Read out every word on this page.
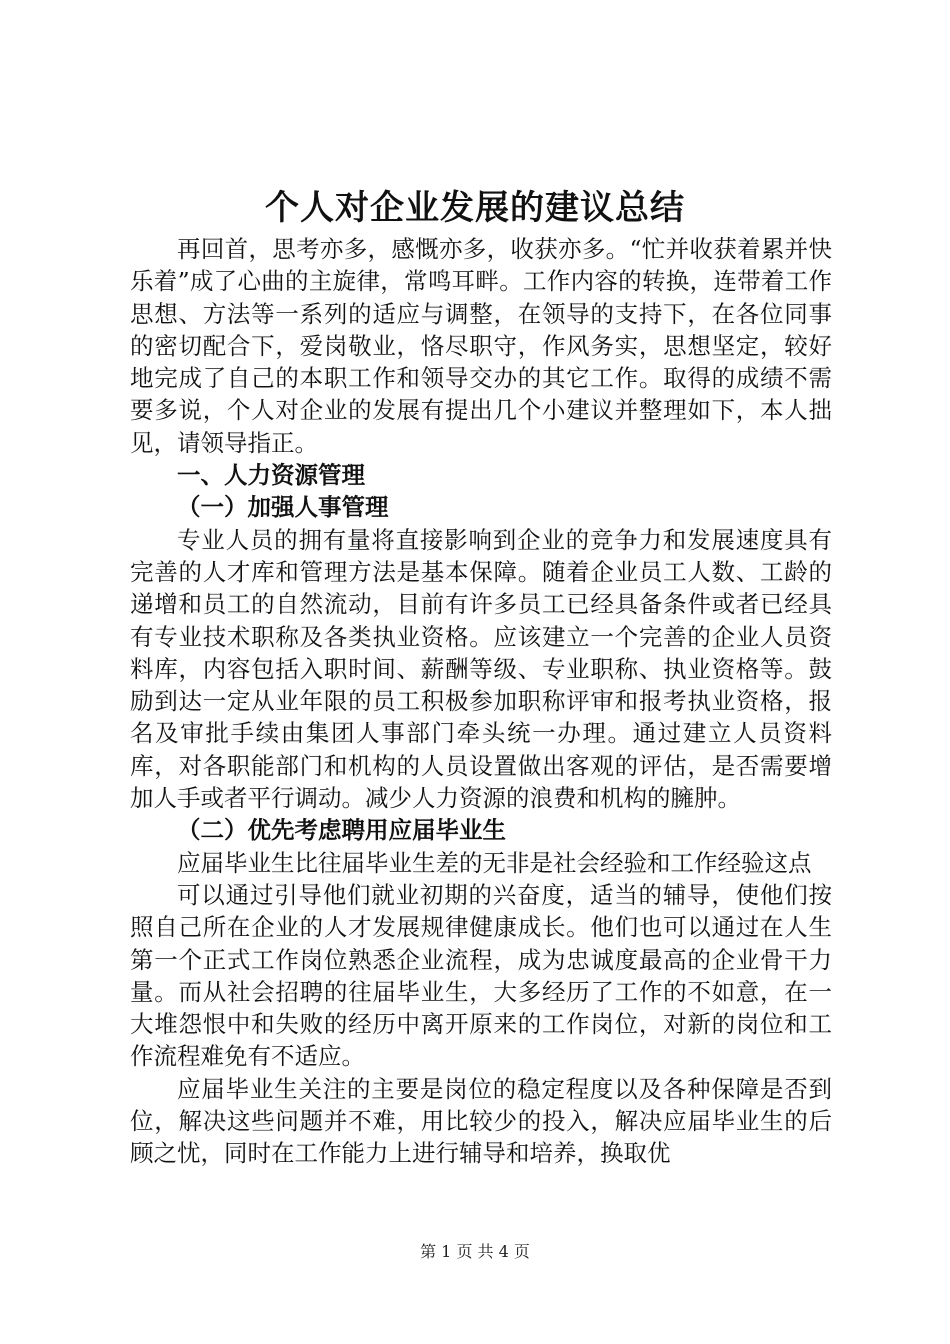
个人对企业发展的建议总结

再回首，思考亦多，感慨亦多，收获亦多。“忙并收获着累并快乐着”成了心曲的主旋律，常鸣耳畔。工作内容的转换，连带着工作思想、方法等一系列的适应与调整，在领导的支持下，在各位同事的密切配合下，爱岗敬业，恪尽职守，作风务实，思想坚定，较好地完成了自己的本职工作和领导交办的其它工作。取得的成绩不需要多说，个人对企业的发展有提出几个小建议并整理如下，本人拙见，请领导指正。

一、人力资源管理

（一）加强人事管理

专业人员的拥有量将直接影响到企业的竞争力和发展速度具有完善的人才库和管理方法是基本保障。随着企业员工人数、工龄的递增和员工的自然流动，目前有许多员工已经具备条件或者已经具有专业技术职称及各类执业资格。应该建立一个完善的企业人员资料库，内容包括入职时间、薪酬等级、专业职称、执业资格等。鼓励到达一定从业年限的员工积极参加职称评审和报考执业资格，报名及审批手续由集团人事部门牵头统一办理。通过建立人员资料库，对各职能部门和机构的人员设置做出客观的评估，是否需要增加人手或者平行调动。减少人力资源的浪费和机构的臃肿。

（二）优先考虑聘用应届毕业生

应届毕业生比往届毕业生差的无非是社会经验和工作经验这点

可以通过引导他们就业初期的兴奋度，适当的辅导，使他们按照自己所在企业的人才发展规律健康成长。他们也可以通过在人生第一个正式工作岗位熟悉企业流程，成为忠诚度最高的企业骨干力量。而从社会招聘的往届毕业生，大多经历了工作的不如意，在一大堆怨恨中和失败的经历中离开原来的工作岗位，对新的岗位和工作流程难免有不适应。

应届毕业生关注的主要是岗位的稳定程度以及各种保障是否到位，解决这些问题并不难，用比较少的投入，解决应届毕业生的后顾之忧，同时在工作能力上进行辅导和培养，换取优

第 1 页 共 4 页
